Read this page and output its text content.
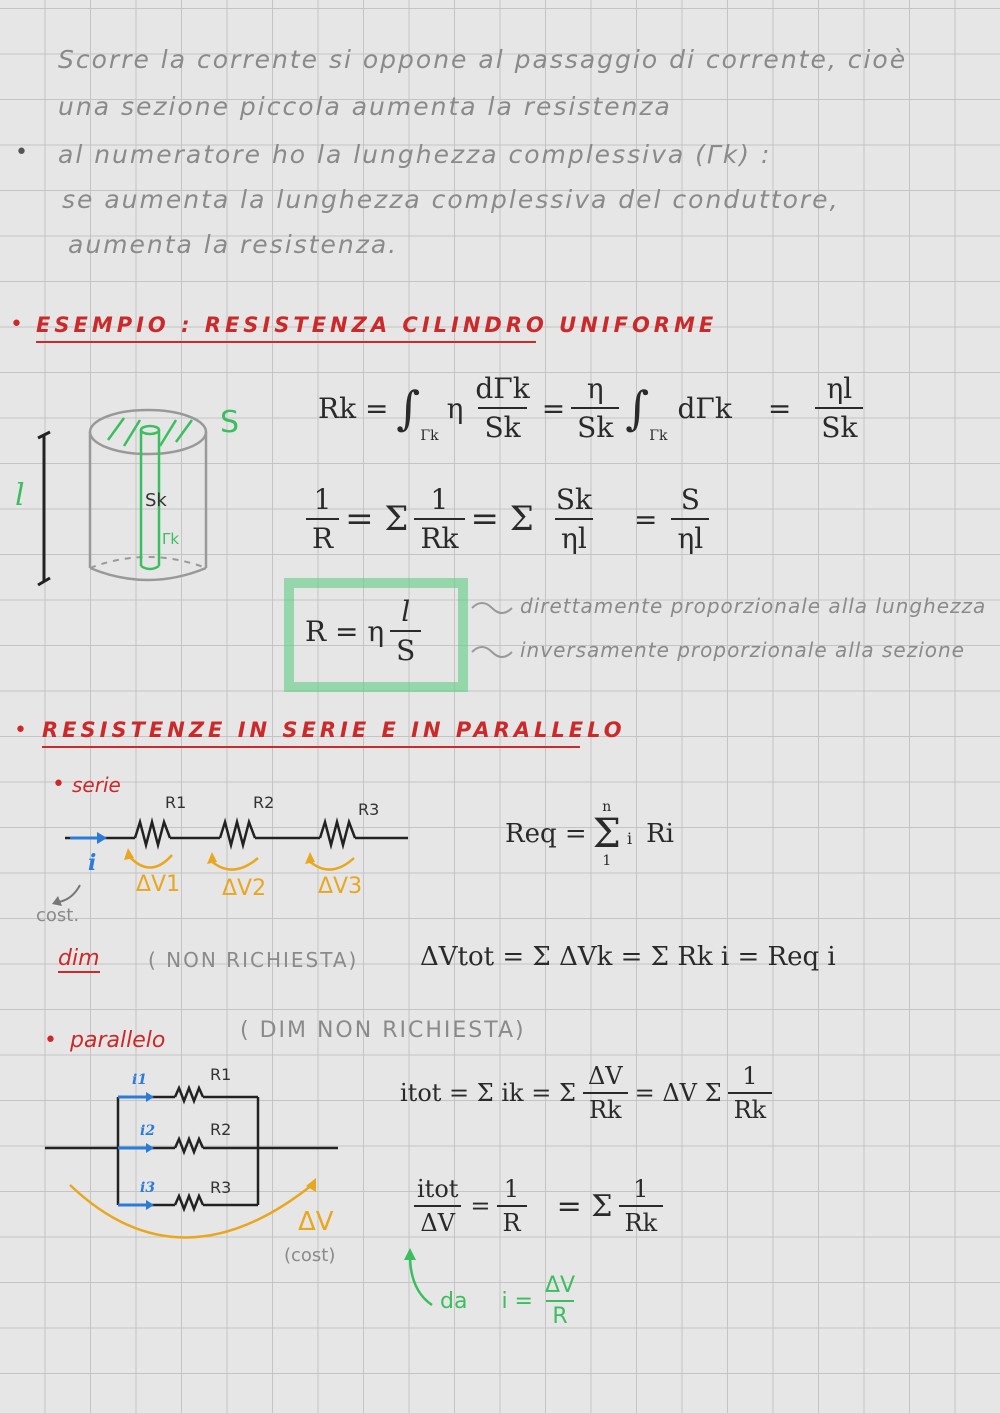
Scorre la corrente si oppone al passaggio di corrente, cioè
una sezione piccola aumenta la resistenza
• al numeratore ho la lunghezza complessiva (Γk) :
se aumenta la lunghezza complessiva del conduttore,
aumenta la resistenza.
• ESEMPIO : RESISTENZA CILINDRO UNIFORME
S
Sk
Γk
l
Rk = ∫
Γk
η $\frac{\text{dΓk}}{Sk} = \frac{\eta}{Sk}$ ∫
Γk
$d\Gamma k = \frac{\eta l}{Sk}$
$\frac{1}{R} = \Sigma \frac{1}{Rk} = \Sigma \frac{Sk}{\eta l} = \frac{S}{\eta l}$
R = η $\frac{l}{S}$	direttamente proporzionale alla lunghezza
inversamente proporzionale alla sezione
• RESISTENZE IN SERIE E IN PARALLELO
• serie
R1	R2	R3
i
ΔV1 ΔV2 ΔV3
cost.
Req =
n
Σ
1
i Ri
dim ( NON RICHIESTA) ΔVtot = Σ ΔVk = Σ Rk i = Req i
• parallelo	( DIM NON RICHIESTA)
i1
i2
i3
R1
R2
R3
ΔV
(cost)
itot = Σ ik = Σ $\frac{\Delta V}{Rk} = \Delta V$ Σ $\frac{1}{Rk}$
$\frac{\text{itot}}{\Delta V} = \frac{1}{R} = \Sigma \frac{1}{Rk}$
da $i = \frac{\Delta V}{R}$
